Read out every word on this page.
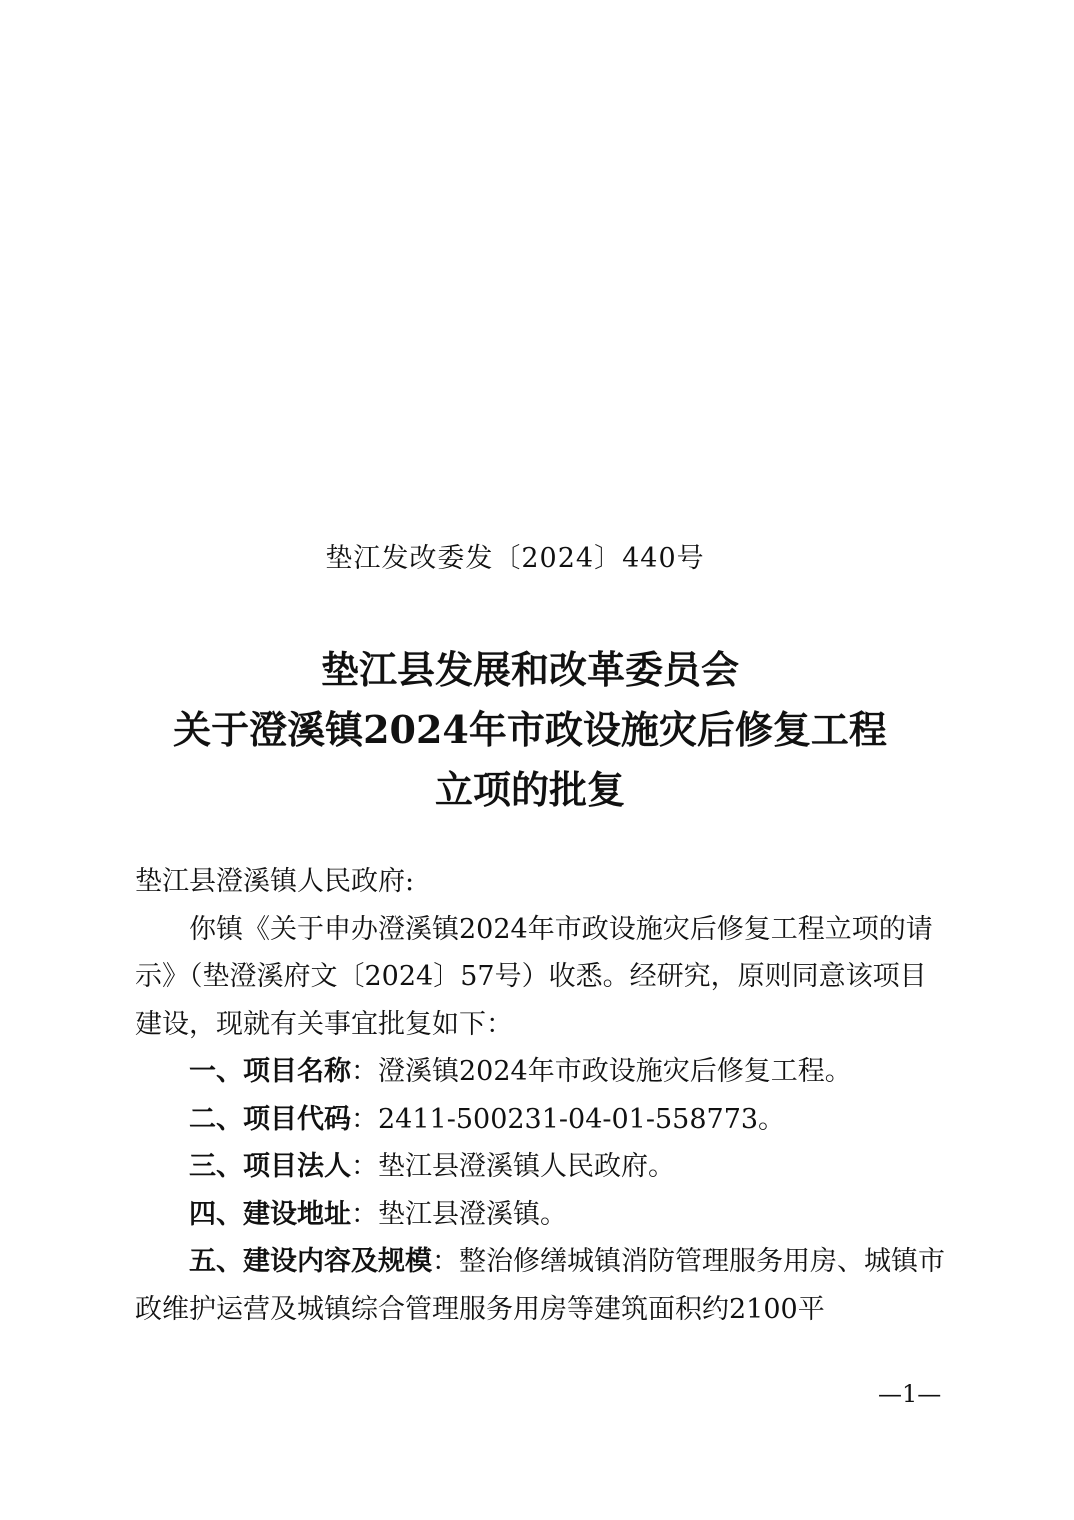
垫江发改委发〔2024〕440号
垫江县发展和改革委员会
关于澄溪镇2024年市政设施灾后修复工程
立项的批复

垫江县澄溪镇人民政府:

你镇《关于申办澄溪镇2024年市政设施灾后修复工程立项的请示》（垫澄溪府文〔2024〕57号）收悉。经研究，原则同意该项目建设，现就有关事宜批复如下：

一、项目名称：澄溪镇2024年市政设施灾后修复工程。

二、项目代码：2411-500231-04-01-558773。

三、项目法人：垫江县澄溪镇人民政府。

四、建设地址：垫江县澄溪镇。

五、建设内容及规模：整治修缮城镇消防管理服务用房、城镇市政维护运营及城镇综合管理服务用房等建筑面积约2100平

—1—
